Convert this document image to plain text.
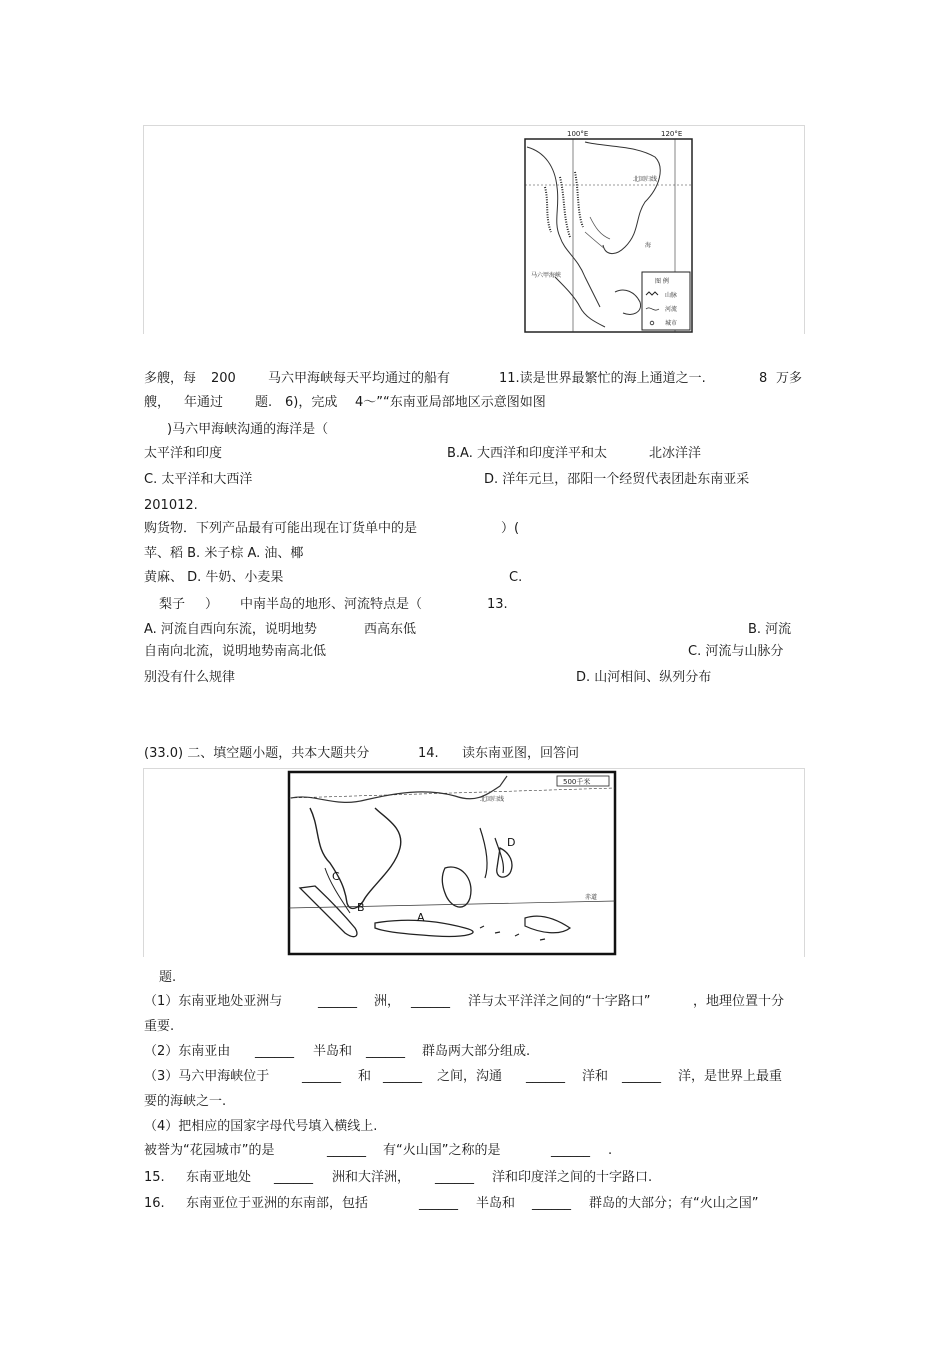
100°E	120°E
北回归线
海
马六甲海峡
图 例
山脉
河流
城市
多艘，每 200 马六甲海峡每天平均通过的船有	11.读是世界最繁忙的海上通道之一.	8 万多
艘， 年通过 题. 6)，完成 4～”“东南亚局部地区示意图如图
)马六甲海峡沟通的海洋是（
太平洋和印度	B.A. 大西洋和印度洋平和太	北冰洋洋
C. 太平洋和大西洋	D. 洋年元旦，邵阳一个经贸代表团赴东南亚采
201012.
购货物．下列产品最有可能出现在订货单中的是	）(
苹、稻 B. 米子棕 A. 油、椰
黄麻、 D. 牛奶、小麦果	C.
梨子 ） 中南半岛的地形、河流特点是（	13.
A. 河流自西向东流，说明地势	西高东低	B. 河流
自南向北流，说明地势南高北低	C. 河流与山脉分
别没有什么规律	D. 山河相间、纵列分布
(33.0) 二、填空题小题，共本大题共分	14. 读东南亚图，回答问
500千米
北回归线
赤道
A
B
C
D
题.
（1）东南亚地处亚洲与	______ 洲， ______ 洋与太平洋洋之间的“十字路口”	，地理位置十分
重要.
（2）东南亚由 ______ 半岛和 ______ 群岛两大部分组成.
（3）马六甲海峡位于	______ 和 ______ 之间，沟通 ______ 洋和 ______ 洋，是世界上最重
要的海峡之一.
（4）把相应的国家字母代号填入横线上.
被誉为“花园城市”的是	______ 有“火山国”之称的是	______ .
15. 东南亚地处 ______ 洲和大洋洲， ______ 洋和印度洋之间的十字路口.
16. 东南亚位于亚洲的东南部，包括	______ 半岛和 ______ 群岛的大部分；有“火山之国”
